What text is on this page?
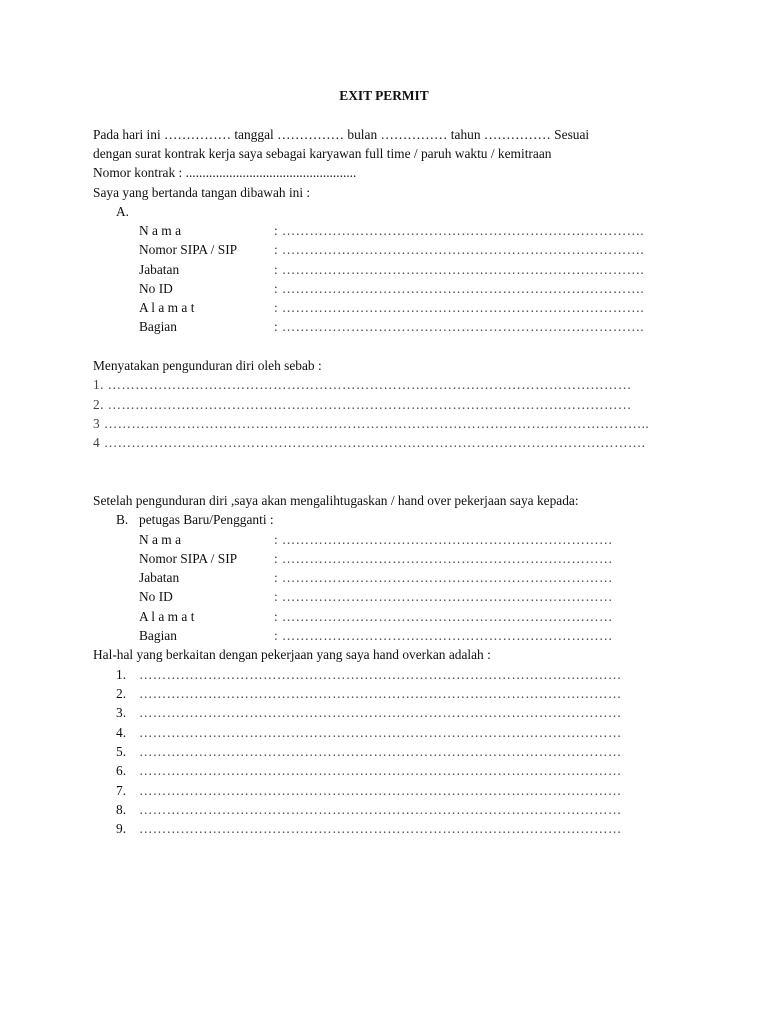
EXIT PERMIT
Pada hari ini …………… tanggal …………… bulan …………… tahun …………… Sesuai
dengan surat kontrak kerja saya sebagai karyawan full time / paruh waktu / kemitraan
Nomor kontrak : ...................................................
Saya yang bertanda tangan dibawah ini :
A.
N a m a	: …………………………………………………………………….
Nomor SIPA / SIP	: …………………………………………………………………….
Jabatan	: …………………………………………………………………….
No ID	: …………………………………………………………………….
A l a m a t	: …………………………………………………………………….
Bagian	: …………………………………………………………………….
Menyatakan pengunduran diri oleh sebab :
1. ……………………………………………………………………………………………………
2. ……………………………………………………………………………………………………
3 ………………………………………………………………………………………………………..
4 ……………………………………………………………………………………………………….
Setelah pengunduran diri ,saya akan mengalihtugaskan / hand over pekerjaan saya kepada:
B. petugas Baru/Pengganti :
N a m a	: ………………………………………………………………
Nomor SIPA / SIP	: ………………………………………………………………
Jabatan	: ………………………………………………………………
No ID	: ………………………………………………………………
A l a m a t	: ………………………………………………………………
Bagian	: ………………………………………………………………
Hal-hal yang berkaitan dengan pekerjaan yang saya hand overkan adalah :
1. ……………………………………………………………………………………………
2. ……………………………………………………………………………………………
3. ……………………………………………………………………………………………
4. ……………………………………………………………………………………………
5. ……………………………………………………………………………………………
6. ……………………………………………………………………………………………
7. ……………………………………………………………………………………………
8. ……………………………………………………………………………………………
9. ……………………………………………………………………………………………
